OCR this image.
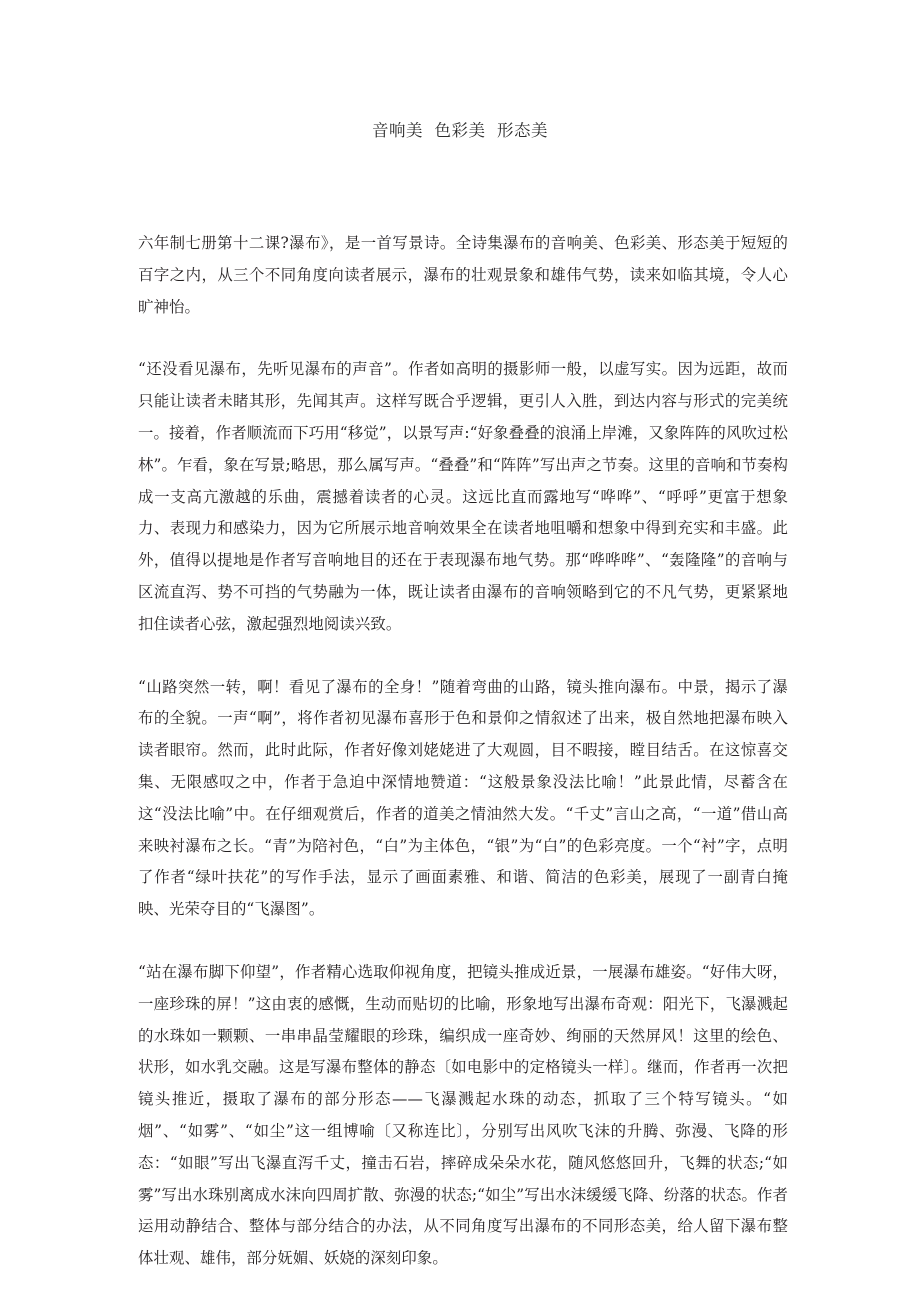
音响美  色彩美  形态美

六年制七册第十二课?瀑布》，是一首写景诗。全诗集瀑布的音响美、色彩美、形态美于短短的百字之内，从三个不同角度向读者展示，瀑布的壮观景象和雄伟气势，读来如临其境，令人心旷神怡。

“还没看见瀑布，先听见瀑布的声音”。作者如高明的摄影师一般，以虚写实。因为远距，故而只能让读者未睹其形，先闻其声。这样写既合乎逻辑，更引人入胜，到达内容与形式的完美统一。接着，作者顺流而下巧用“移觉”，以景写声:“好象叠叠的浪涌上岸滩，又象阵阵的风吹过松林”。乍看，象在写景;略思，那么属写声。“叠叠”和“阵阵”写出声之节奏。这里的音响和节奏构成一支高亢激越的乐曲，震撼着读者的心灵。这远比直而露地写“哗哗”、“呼呼”更富于想象力、表现力和感染力，因为它所展示地音响效果全在读者地咀嚼和想象中得到充实和丰盛。此外，值得以提地是作者写音响地目的还在于表现瀑布地气势。那“哗哗哗”、“轰隆隆”的音响与区流直泻、势不可挡的气势融为一体，既让读者由瀑布的音响领略到它的不凡气势，更紧紧地扣住读者心弦，激起强烈地阅读兴致。

“山路突然一转，啊！看见了瀑布的全身！”随着弯曲的山路，镜头推向瀑布。中景，揭示了瀑布的全貌。一声“啊”，将作者初见瀑布喜形于色和景仰之情叙述了出来，极自然地把瀑布映入读者眼帘。然而，此时此际，作者好像刘姥姥进了大观圆，目不暇接，瞠目结舌。在这惊喜交集、无限感叹之中，作者于急迫中深情地赞道：“这般景象没法比喻！”此景此情，尽蓄含在这“没法比喻”中。在仔细观赏后，作者的道美之情油然大发。“千丈”言山之高，“一道”借山高来映衬瀑布之长。“青”为陪衬色，“白”为主体色，“银”为“白”的色彩亮度。一个“衬”字，点明了作者“绿叶扶花”的写作手法，显示了画面素雅、和谐、简洁的色彩美，展现了一副青白掩映、光荣夺目的“飞瀑图”。

“站在瀑布脚下仰望”，作者精心选取仰视角度，把镜头推成近景，一展瀑布雄姿。“好伟大呀，一座珍珠的屏！”这由衷的感慨，生动而贴切的比喻，形象地写出瀑布奇观：阳光下，飞瀑溅起的水珠如一颗颗、一串串晶莹耀眼的珍珠，编织成一座奇妙、绚丽的天然屏风！这里的绘色、状形，如水乳交融。这是写瀑布整体的静态〔如电影中的定格镜头一样〕。继而，作者再一次把镜头推近，摄取了瀑布的部分形态——飞瀑溅起水珠的动态，抓取了三个特写镜头。“如烟”、“如雾”、“如尘”这一组博喻〔又称连比〕，分别写出风吹飞沫的升腾、弥漫、飞降的形态：“如眼”写出飞瀑直泻千丈，撞击石岩，摔碎成朵朵水花，随风悠悠回升，飞舞的状态;“如雾”写出水珠别离成水沫向四周扩散、弥漫的状态;“如尘”写出水沫缓缓飞降、纷落的状态。作者运用动静结合、整体与部分结合的办法，从不同角度写出瀑布的不同形态美，给人留下瀑布整体壮观、雄伟，部分妩媚、妖娆的深刻印象。
